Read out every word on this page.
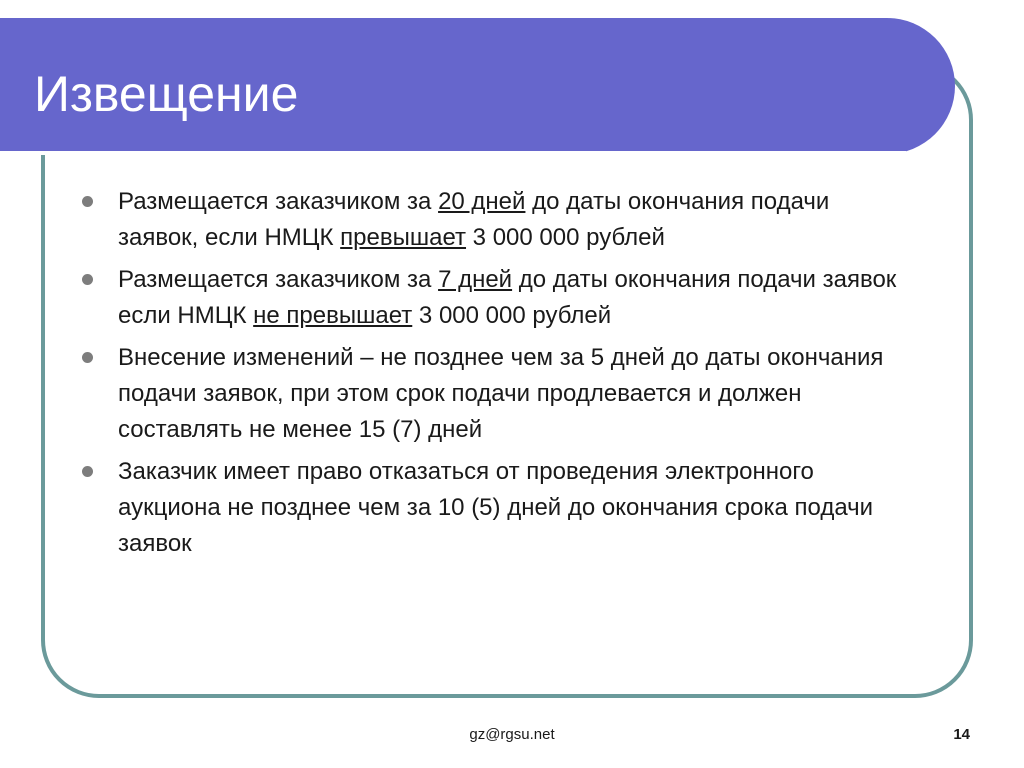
Извещение
Размещается заказчиком за 20 дней до даты окончания подачи заявок, если НМЦК превышает 3 000 000 рублей
Размещается заказчиком за 7 дней до даты окончания подачи заявок если НМЦК не превышает 3 000 000 рублей
Внесение изменений – не позднее чем за 5 дней до даты окончания подачи заявок, при этом срок подачи продлевается и должен составлять не менее 15 (7) дней
Заказчик имеет право отказаться от проведения электронного аукциона не позднее чем за 10 (5) дней до окончания срока подачи заявок
gz@rgsu.net	14
